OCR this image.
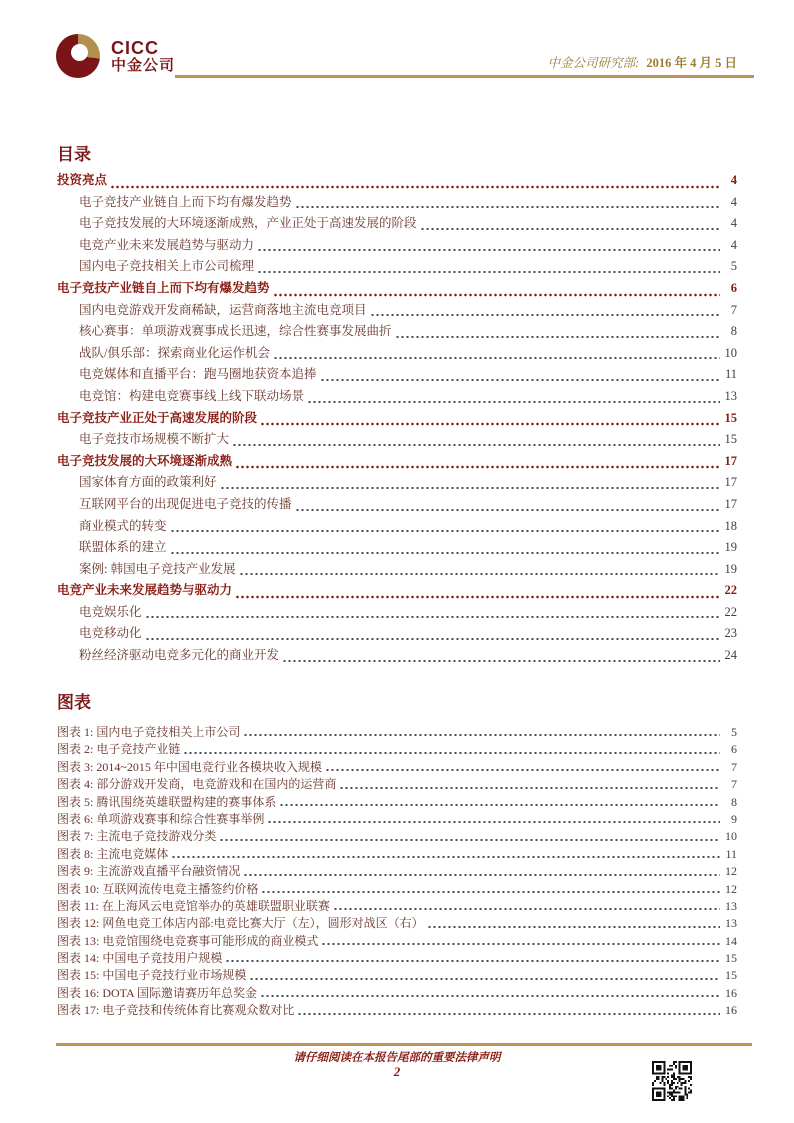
CICC
中金公司	中金公司研究部: 2016 年 4 月 5 日
目录
投资亮点	4
电子竞技产业链自上而下均有爆发趋势	4
电子竞技发展的大环境逐渐成熟，产业正处于高速发展的阶段	4
电竞产业未来发展趋势与驱动力	4
国内电子竞技相关上市公司梳理	5
电子竞技产业链自上而下均有爆发趋势	6
国内电竞游戏开发商稀缺，运营商落地主流电竞项目	7
核心赛事：单项游戏赛事成长迅速，综合性赛事发展曲折	8
战队/俱乐部：探索商业化运作机会	10
电竞媒体和直播平台：跑马圈地获资本追捧	11
电竞馆：构建电竞赛事线上线下联动场景	13
电子竞技产业正处于高速发展的阶段	15
电子竞技市场规模不断扩大	15
电子竞技发展的大环境逐渐成熟	17
国家体育方面的政策利好	17
互联网平台的出现促进电子竞技的传播	17
商业模式的转变	18
联盟体系的建立	19
案例: 韩国电子竞技产业发展	19
电竞产业未来发展趋势与驱动力	22
电竞娱乐化	22
电竞移动化	23
粉丝经济驱动电竞多元化的商业开发	24
图表
图表 1: 国内电子竞技相关上市公司	5
图表 2: 电子竞技产业链	6
图表 3: 2014~2015 年中国电竞行业各模块收入规模	7
图表 4: 部分游戏开发商，电竞游戏和在国内的运营商	7
图表 5: 腾讯围绕英雄联盟构建的赛事体系	8
图表 6: 单项游戏赛事和综合性赛事举例	9
图表 7: 主流电子竞技游戏分类	10
图表 8: 主流电竞媒体	11
图表 9: 主流游戏直播平台融资情况	12
图表 10: 互联网流传电竞主播签约价格	12
图表 11: 在上海风云电竞馆举办的英雄联盟职业联赛	13
图表 12: 网鱼电竞工体店内部:电竞比赛大厅（左），圆形对战区（右）	13
图表 13: 电竞馆围绕电竞赛事可能形成的商业模式	14
图表 14: 中国电子竞技用户规模	15
图表 15: 中国电子竞技行业市场规模	15
图表 16: DOTA 国际邀请赛历年总奖金	16
图表 17: 电子竞技和传统体育比赛观众数对比	16
请仔细阅读在本报告尾部的重要法律声明
2
